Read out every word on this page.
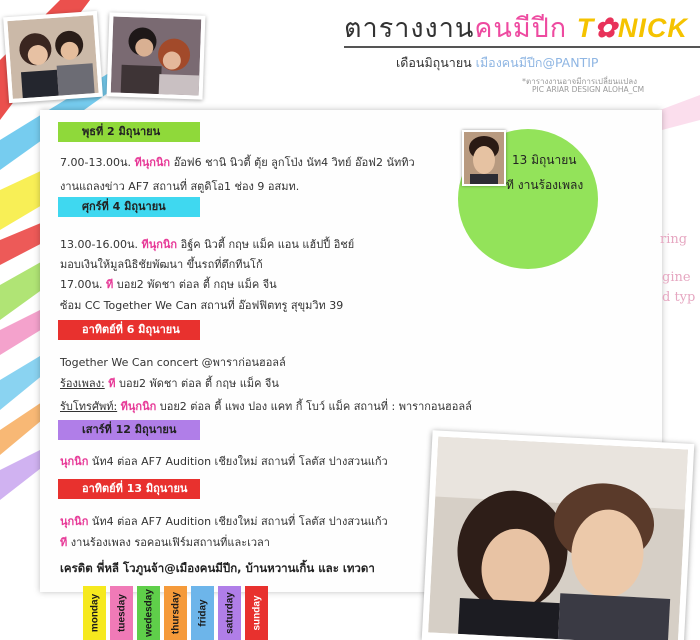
ตารางงานคนมีปีก T✿NICK
เดือนมิถุนายน เมืองคนมีปีก@PANTIP
*ตารางงานอาจมีการเปลี่ยนแปลง
PIC ARIAR DESIGN ALOHA_CM
ring
gine
d typ
13 มิถุนายน
ที งานร้องเพลง
พุธที่ 2 มิถุนายน
7.00-13.00น. ทีนุกนิก อ๊อฟ6 ชานิ นิวตี้ ตุ้ย ลูกโป่ง นัท4 วิทย์ อ๊อฟ2 นัททิว
งานแถลงข่าว AF7 สถานที่ สตูดิโอ1 ช่อง 9 อสมท.
ศุกร์ที่ 4 มิถุนายน
13.00-16.00น. ทีนุกนิก อิฐ์ค นิวตี้ กฤษ แม็ค แอน แฮ้ปปี้ อิชย์
มอบเงินให้มูลนิธิชัยพัฒนา ขึ้นรถที่ตึกทีนโก้
17.00น. ที บอย2 พัดชา ต่อล ตี้ กฤษ แม็ค จีน
ซ้อม CC Together We Can สถานที่ อ๊อฟฟิตทรู สุขุมวิท 39
อาทิตย์ที่ 6 มิถุนายน
Together We Can concert @พาราก่อนฮอลล์
ร้องเพลง: ที บอย2 พัดชา ต่อล ตี้ กฤษ แม็ค จีน
รับโทรศัพท์: ทีนุกนิก บอย2 ต่อล ตี้ แพง ปอง แคท กี้ โบว์ แม็ค สถานที่ : พารากอนฮอลล์
เสาร์ที่ 12 มิถุนายน
นุกนิก นัท4 ต่อล AF7 Audition เชียงใหม่ สถานที่ โลตัส ปางสวนแก้ว
อาทิตย์ที่ 13 มิถุนายน
นุกนิก นัท4 ต่อล AF7 Audition เชียงใหม่ สถานที่ โลตัส ปางสวนแก้ว
ที งานร้องเพลง รอคอนเฟิร์มสถานที่และเวลา
เครดิต พี่หลี โวภูนจ้า@เมืองคนมีปีก, บ้านหวานเกิ้น และ เทวดา
monday tuesday wedesday thursday friday saturday sunday
